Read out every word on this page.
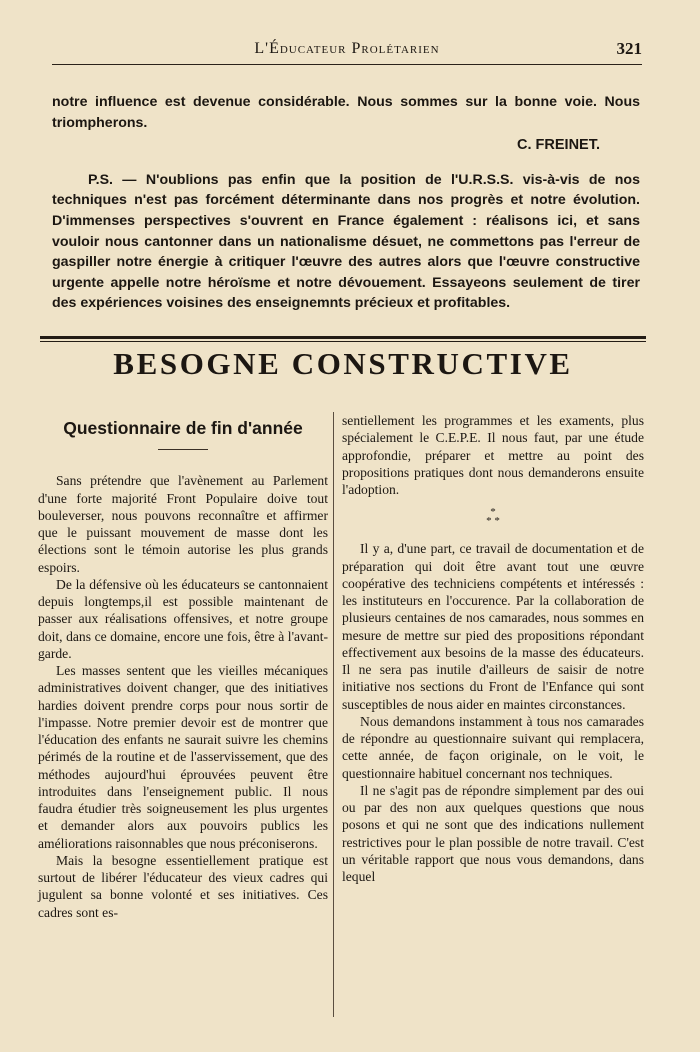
L'Éducateur Prolétarien	321

notre influence est devenue considérable. Nous sommes sur la bonne voie. Nous triompherons.

C. FREINET.

P.S. — N'oublions pas enfin que la position de l'U.R.S.S. vis-à-vis de nos techniques n'est pas forcément déterminante dans nos progrès et notre évolution. D'immenses perspectives s'ouvrent en France également : réalisons ici, et sans vouloir nous cantonner dans un nationalisme désuet, ne commettons pas l'erreur de gaspiller notre énergie à critiquer l'œuvre des autres alors que l'œuvre constructive urgente appelle notre héroïsme et notre dévouement. Essayeons seulement de tirer des expériences voisines des enseignemnts précieux et profitables.

BESOGNE CONSTRUCTIVE
Questionnaire de fin d'année

Sans prétendre que l'avènement au Parlement d'une forte majorité Front Populaire doive tout bouleverser, nous pouvons reconnaître et affirmer que le puissant mouvement de masse dont les élections sont le témoin autorise les plus grands espoirs.

De la défensive où les éducateurs se cantonnaient depuis longtemps,il est possible maintenant de passer aux réalisations offensives, et notre groupe doit, dans ce domaine, encore une fois, être à l'avant-garde.

Les masses sentent que les vieilles mécaniques administratives doivent changer, que des initiatives hardies doivent prendre corps pour nous sortir de l'impasse. Notre premier devoir est de montrer que l'éducation des enfants ne saurait suivre les chemins périmés de la routine et de l'asservissement, que des méthodes aujourd'hui éprouvées peuvent être introduites dans l'enseignement public. Il nous faudra étudier très soigneusement les plus urgentes et demander alors aux pouvoirs publics les améliorations raisonnables que nous préconiserons.

Mais la besogne essentiellement pratique est surtout de libérer l'éducateur des vieux cadres qui jugulent sa bonne volonté et ses initiatives. Ces cadres sont es-

sentiellement les programmes et les examents, plus spécialement le C.E.P.E. Il nous faut, par une étude approfondie, préparer et mettre au point des propositions pratiques dont nous demanderons ensuite l'adoption.

*
* *

Il y a, d'une part, ce travail de documentation et de préparation qui doit être avant tout une œuvre coopérative des techniciens compétents et intéressés : les instituteurs en l'occurence. Par la collaboration de plusieurs centaines de nos camarades, nous sommes en mesure de mettre sur pied des propositions répondant effectivement aux besoins de la masse des éducateurs. Il ne sera pas inutile d'ailleurs de saisir de notre initiative nos sections du Front de l'Enfance qui sont susceptibles de nous aider en maintes circonstances.

Nous demandons instamment à tous nos camarades de répondre au questionnaire suivant qui remplacera, cette année, de façon originale, on le voit, le questionnaire habituel concernant nos techniques.

Il ne s'agit pas de répondre simplement par des oui ou par des non aux quelques questions que nous posons et qui ne sont que des indications nullement restrictives pour le plan possible de notre travail. C'est un véritable rapport que nous vous demandons, dans lequel
